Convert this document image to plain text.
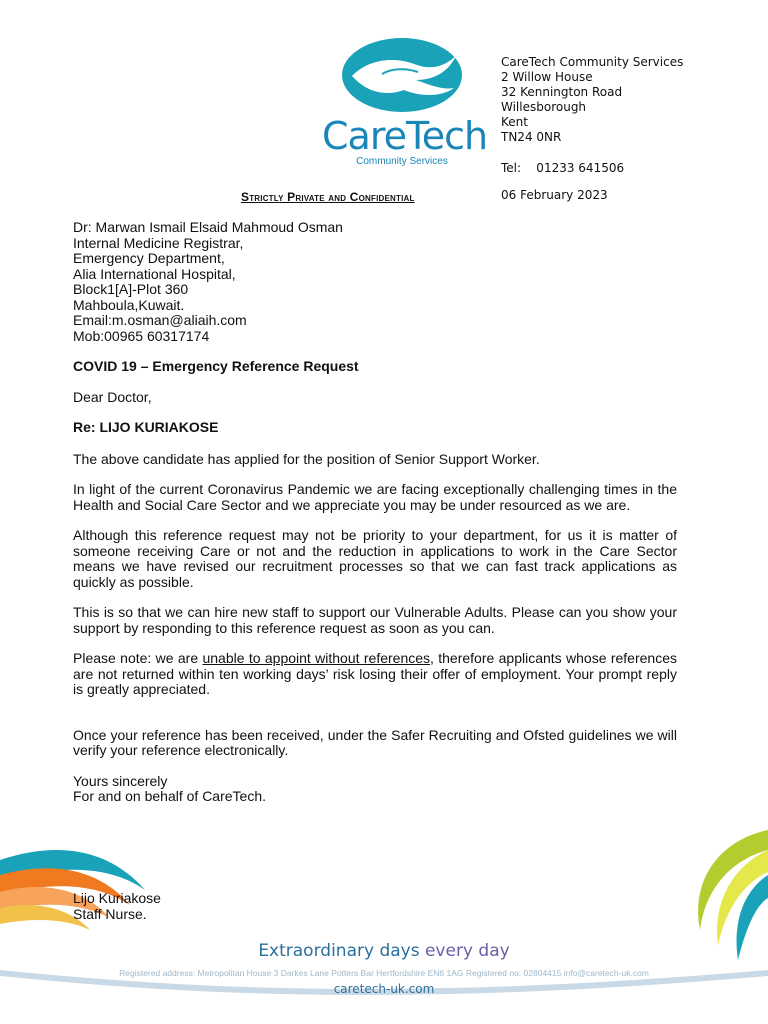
CareTech
Community Services
CareTech Community Services
2 Willow House
32 Kennington Road
Willesborough
Kent
TN24 0NR
Tel:    01233 641506
06 February 2023
Strictly Private and Confidential
Dr: Marwan Ismail Elsaid Mahmoud Osman
Internal Medicine Registrar,
Emergency Department,
Alia International Hospital,
Block1[A]-Plot 360
Mahboula,Kuwait.
Email:m.osman@aliaih.com
Mob:00965 60317174

COVID 19 – Emergency Reference Request

Dear Doctor,

Re: LIJO KURIAKOSE

The above candidate has applied for the position of Senior Support Worker.

In light of the current Coronavirus Pandemic we are facing exceptionally challenging times in the Health and Social Care Sector and we appreciate you may be under resourced as we are.

Although this reference request may not be priority to your department, for us it is matter of someone receiving Care or not and the reduction in applications to work in the Care Sector means we have revised our recruitment processes so that we can fast track applications as quickly as possible.

This is so that we can hire new staff to support our Vulnerable Adults. Please can you show your support by responding to this reference request as soon as you can.

Please note: we are unable to appoint without references, therefore applicants whose references are not returned within ten working days’ risk losing their offer of employment. Your prompt reply is greatly appreciated.

Once your reference has been received, under the Safer Recruiting and Ofsted guidelines we will verify your reference electronically.

Yours sincerely
For and on behalf of CareTech.
Lijo Kuriakose
Staff Nurse.
Extraordinary days every day
Registered address: Metropolitan House 3 Darkes Lane Potters Bar Hertfordshire EN6 1AG Registered no: 02804415 info@caretech-uk.com
caretech-uk.com
